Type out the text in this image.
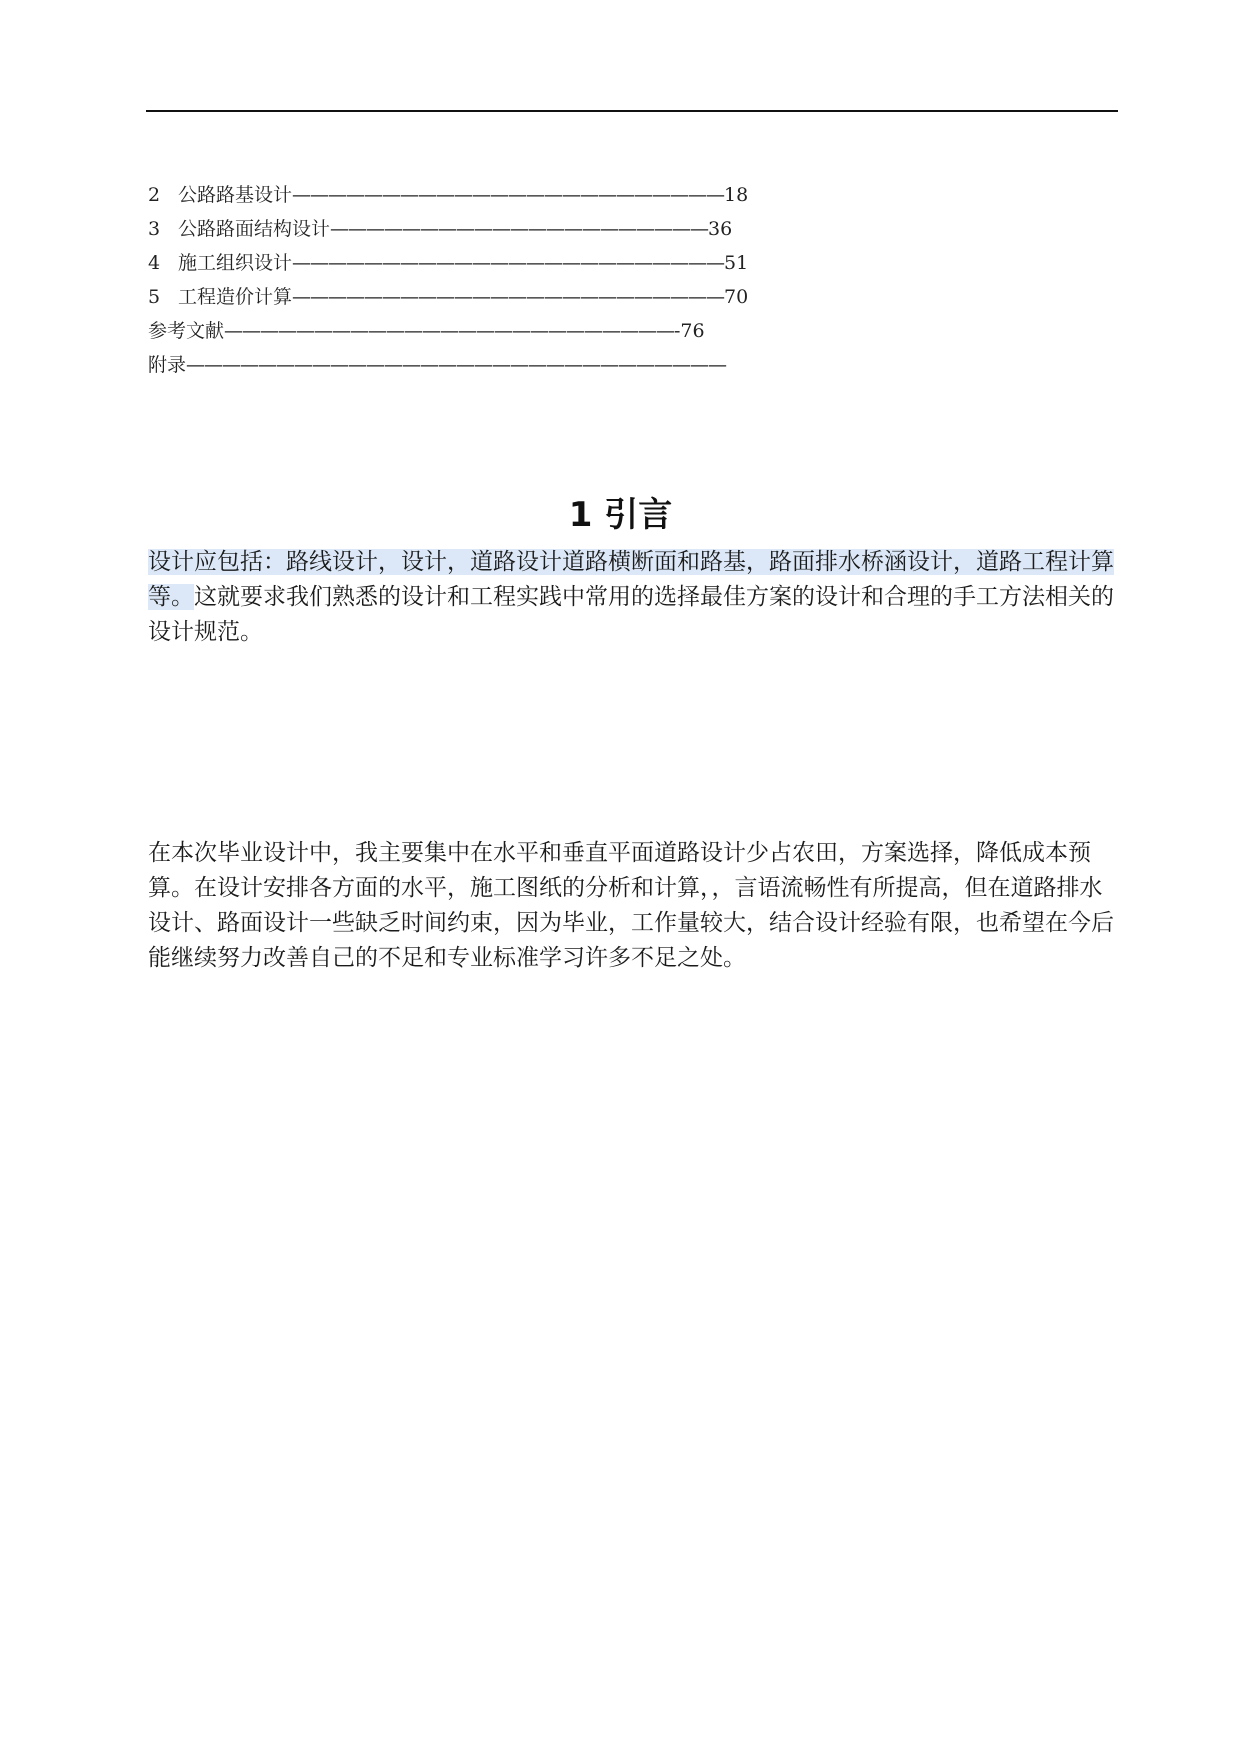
2 公路路基设计————————————————————————18
3 公路路面结构设计—————————————————————36
4 施工组织设计————————————————————————51
5 工程造价计算————————————————————————70
参考文献—————————————————————————-76
附录——————————————————————————————
1 引言
设计应包括：路线设计，设计，道路设计道路横断面和路基，路面排水桥涵设计，道路工程计算等。这就要求我们熟悉的设计和工程实践中常用的选择最佳方案的设计和合理的手工方法相关的设计规范。
在本次毕业设计中，我主要集中在水平和垂直平面道路设计少占农田，方案选择，降低成本预算。在设计安排各方面的水平，施工图纸的分析和计算，，言语流畅性有所提高，但在道路排水设计、路面设计一些缺乏时间约束，因为毕业，工作量较大，结合设计经验有限，也希望在今后能继续努力改善自己的不足和专业标准学习许多不足之处。
